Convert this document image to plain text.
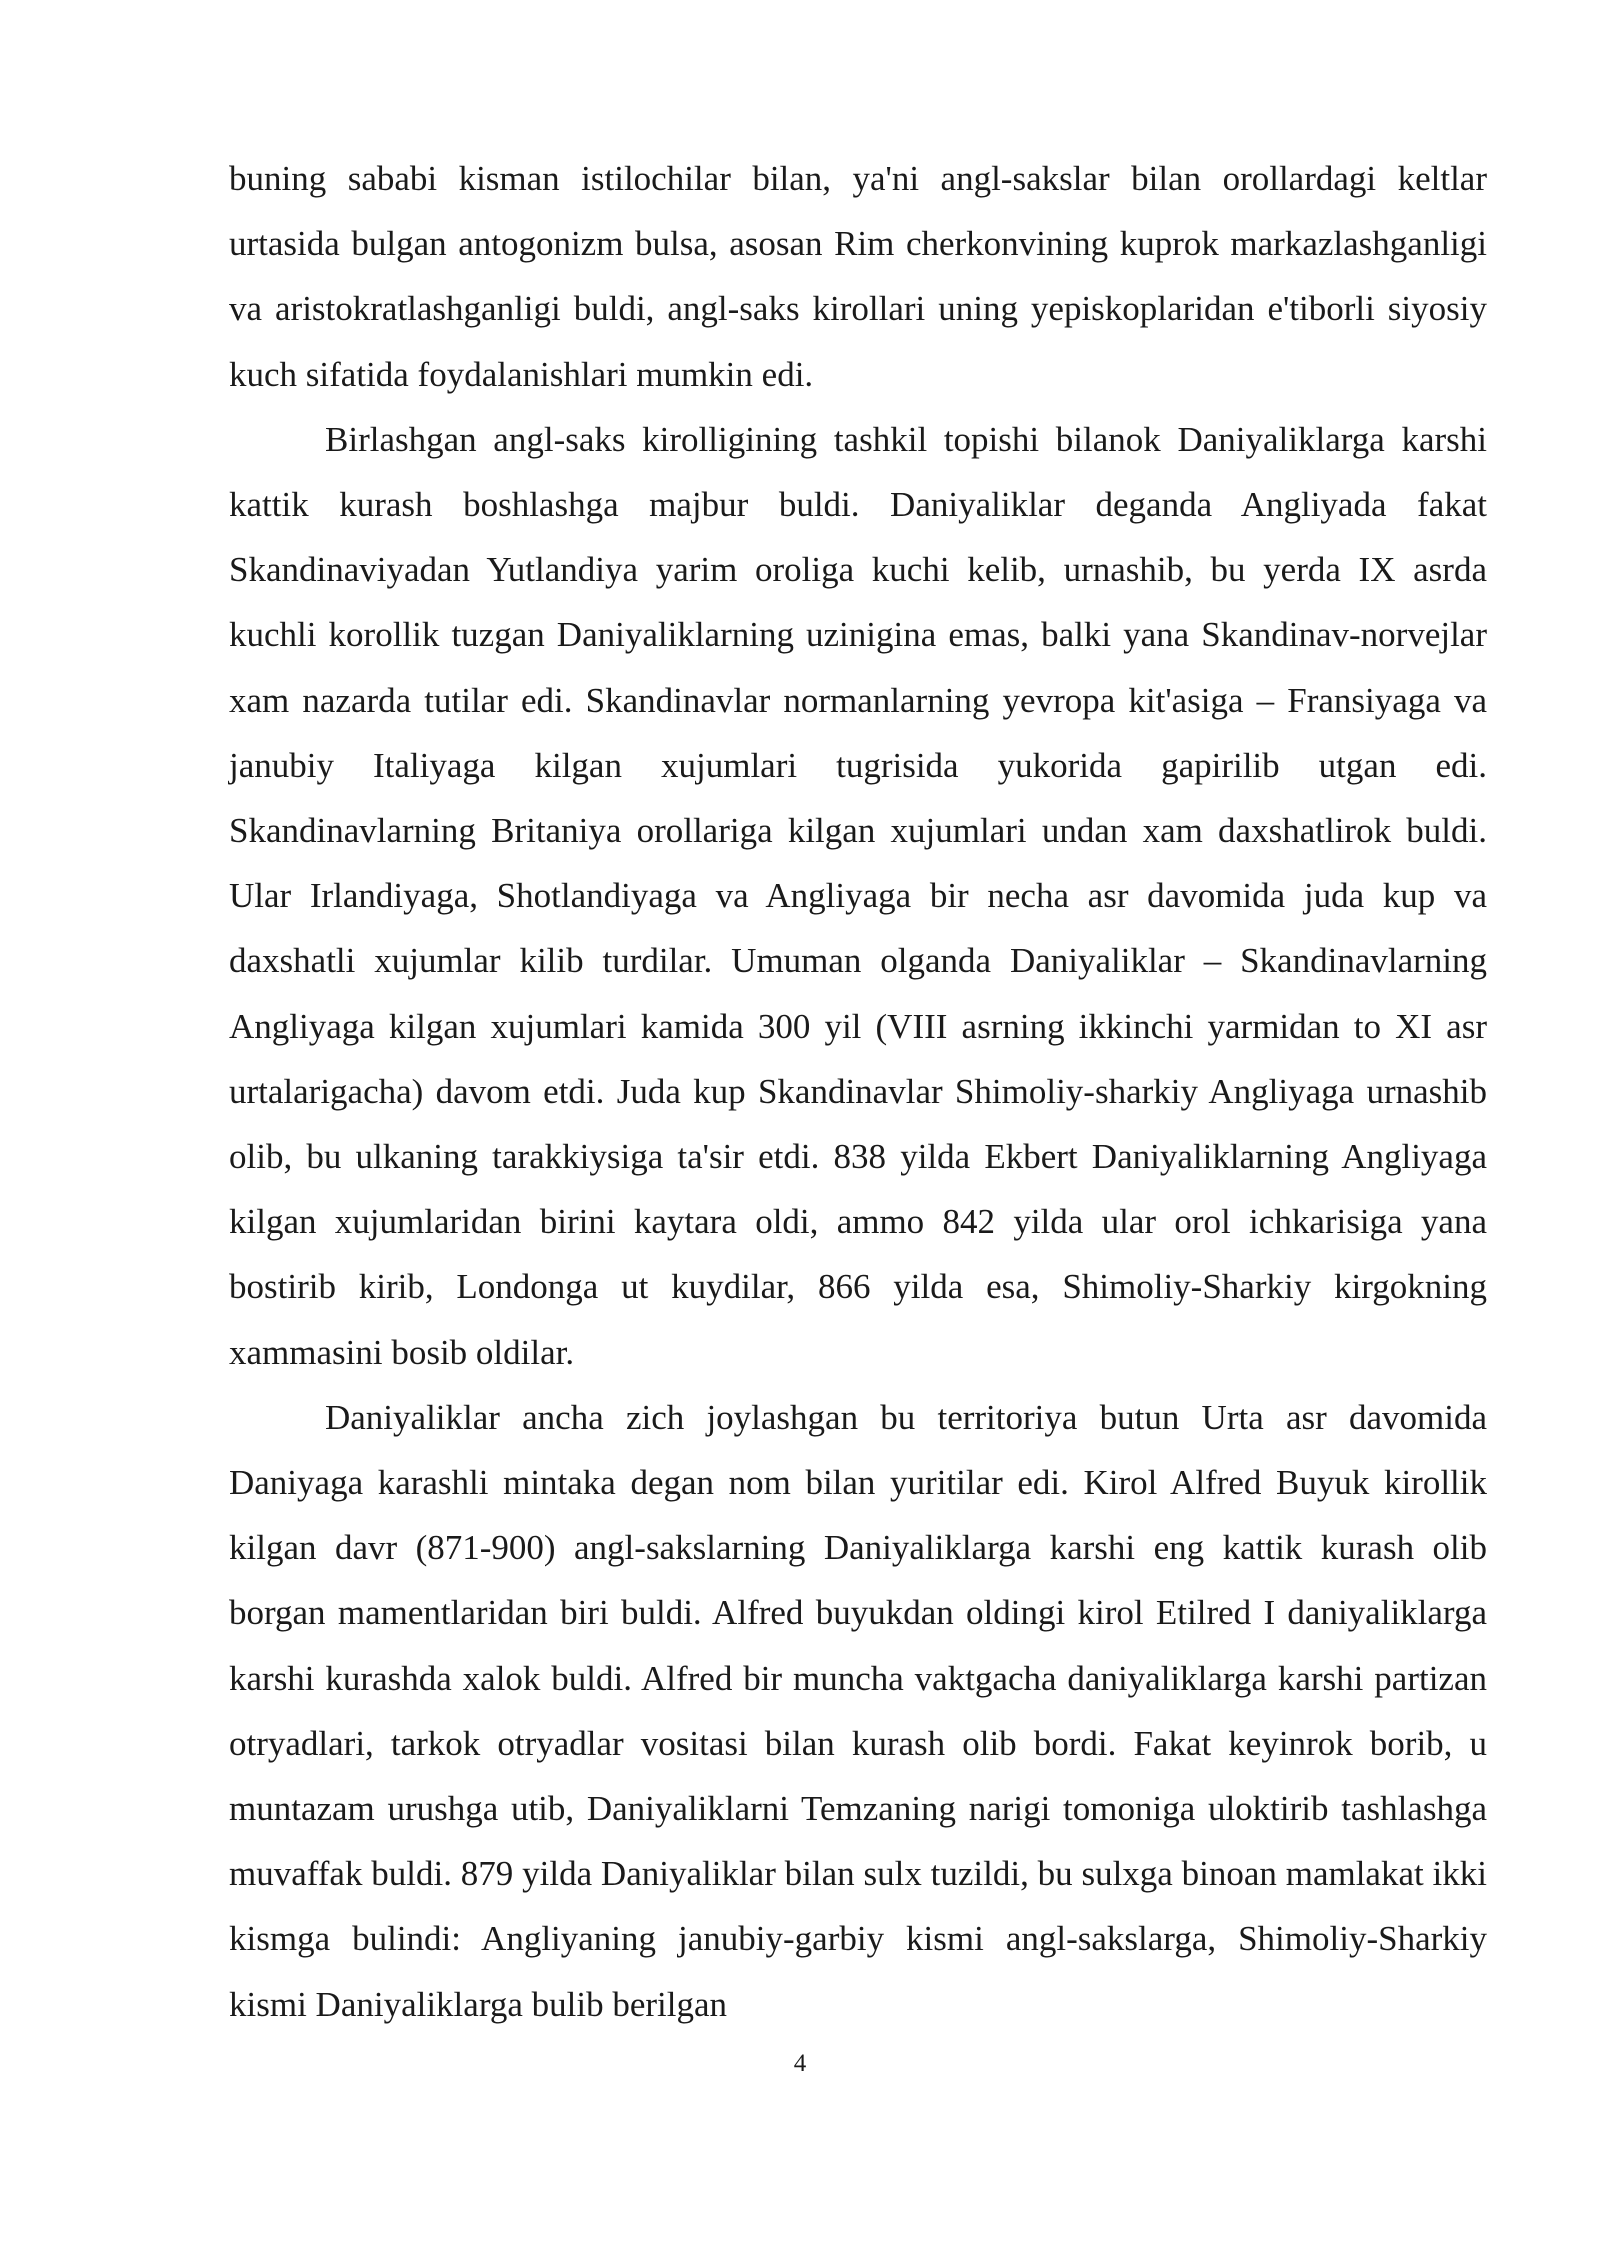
buning sababi kisman istilochilar bilan, ya'ni angl-sakslar bilan orollardagi keltlar urtasida bulgan antogonizm bulsa, asosan Rim cherkonvining kuprok markazlashganligi va aristokratlashganligi buldi, angl-saks kirollari uning yepiskoplaridan e'tiborli siyosiy kuch sifatida foydalanishlari mumkin edi.

Birlashgan angl-saks kirolligining tashkil topishi bilanok Daniyaliklarga karshi kattik kurash boshlashga majbur buldi. Daniyaliklar deganda Angliyada fakat Skandinaviyadan Yutlandiya yarim oroliga kuchi kelib, urnashib, bu yerda IX asrda kuchli korollik tuzgan Daniyaliklarning uzinigina emas, balki yana Skandinav-norvejlar xam nazarda tutilar edi. Skandinavlar normanlarning yevropa kit'asiga – Fransiyaga va janubiy Italiyaga kilgan xujumlari tugrisida yukorida gapirilib utgan edi. Skandinavlarning Britaniya orollariga kilgan xujumlari undan xam daxshatlirok buldi. Ular Irlandiyaga, Shotlandiyaga va Angliyaga bir necha asr davomida juda kup va daxshatli xujumlar kilib turdilar. Umuman olganda Daniyaliklar – Skandinavlarning Angliyaga kilgan xujumlari kamida 300 yil (VIII asrning ikkinchi yarmidan to XI asr urtalarigacha) davom etdi. Juda kup Skandinavlar Shimoliy-sharkiy Angliyaga urnashib olib, bu ulkaning tarakkiysiga ta'sir etdi. 838 yilda Ekbert Daniyaliklarning Angliyaga kilgan xujumlaridan birini kaytara oldi, ammo 842 yilda ular orol ichkarisiga yana bostirib kirib, Londonga ut kuydilar, 866 yilda esa, Shimoliy-Sharkiy kirgokning xammasini bosib oldilar.

Daniyaliklar ancha zich joylashgan bu territoriya butun Urta asr davomida Daniyaga karashli mintaka degan nom bilan yuritilar edi. Kirol Alfred Buyuk kirollik kilgan davr (871-900) angl-sakslarning Daniyaliklarga karshi eng kattik kurash olib borgan mamentlaridan biri buldi. Alfred buyukdan oldingi kirol Etilred I daniyaliklarga karshi kurashda xalok buldi. Alfred bir muncha vaktgacha daniyaliklarga karshi partizan otryadlari, tarkok otryadlar vositasi bilan kurash olib bordi. Fakat keyinrok borib, u muntazam urushga utib, Daniyaliklarni Temzaning narigi tomoniga uloktirib tashlashga muvaffak buldi. 879 yilda Daniyaliklar bilan sulx tuzildi, bu sulxga binoan mamlakat ikki kismga bulindi: Angliyaning janubiy-garbiy kismi angl-sakslarga, Shimoliy-Sharkiy kismi Daniyaliklarga bulib berilgan

4
